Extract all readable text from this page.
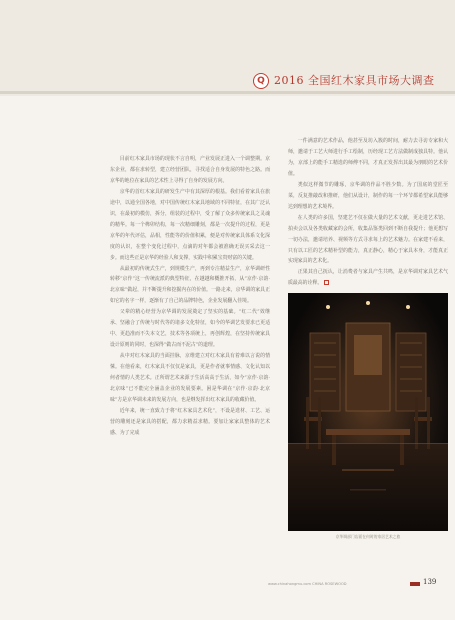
Q 2016 全国红木家具市场大调查

目前红木家具市场的现状不言自明，产业发展正进入一个调整期。京东企业，都在求转型，建立经营团队，寻找适合自身发展的特色之路。而京华的地位在家具的艺术性上寻得了自身的发展方向。

京华的首红木家具的研发生产中有其深厚的根基。我们看着家具在旅途中，以通全国各地，对中国传统红木家具地域的不同特征，在其广泛认识，在最初的模仿，拆分，组装的过程中，受了解了众多传统家具之灵魂的精华。每一个榫卯结构，每一次精细雕刻，都是一次提升的过程，更是京华的年代评估，品相，性能等的价值积累，便是对传统家具体系文化深度的认识，在整个变化过程中，点滴的对年都会被准确无误买采去这一步。而这些正是京华的经验人和支撑，实践中积累宝贵财富的关键。

从最初的传统式生产，到规模生产，再到专注精益生产，京华调研性转移“京作”这一传统流派的典型特征，在越越和概推开拓，从“京作·京韵·北京味”做起，并不断提升和挖掘内在的价值。一路走来，京华调的家具正如它的名字一样，逐渐有了自己的品牌特色，企业发展翻入佳境。

父辈的精心经营为京华调的发展奠定了坚实的基础。“红二代”效继承、坚融合了传统与时代等的诸多文化特征，如今的华调艺发要求已更适中、更趋准而不失本文艺，技术等各项统上，再创辉煌，在坚持传统家具设计原则的同时，也深得“做古而不泥古”的道理。

从中对红木家具的当面挂脉，京维建立对红木家具有着难以言说的情愫。在他看来，红木家具不仅仅是家具，更是作者就事情感、文化认知以何者情的人类艺术。正所谓艺术来源于生活高高于生活，如今“京作·京韵·北京味”已不能完全涵盖企业的发展要素。困是华调在“京作·京韵·北京味”方是京华调未来的发展方向，也是继发挥出红木家具的收藏价值。

近年来，统一直致力于将“红木家具艺术化”，不设是选材、工艺、运营的雕刻还是家具的搭配，都力求精益求精。要加让家家具整体的艺术感、为了完成

一件满意的艺术作品，他甚至及坊入簇的时间，耐力去寻访专家和大师，邀请于工艺大师进行手工绘制，历经现工艺方法做制成独具特。他认为，京部上的能手工精选的师傅不同，才真正发挥出其最为朋眼的艺术价值。

类似这样微节的雕琢，京华调的作品不胜少数。为了国底的堂匠至菜，反复推敲改和推研，他们从设计，制作的每一个环节都希望家具能够达到理想的艺术境界。

在人类的许多国，坚建艺不仅在做大量的艺术文献，更走进艺术馆、拍卖会以及各类收藏家的会所，收集品鉴类回到不断自我提升；他更想写一切办法，邀请培养、视频等方式寻求每上的艺术魅力。在家建不看来，只有以工匠的艺术精补型的能力，真正静心，精心于家具本身，才能真正实现家具的艺术化。

正果其自己抚认，让消费者与家具产生共鸣，是京华调对家具艺术气质最高的诠释。

京华调部门店面在何时的家居艺术之旅
www.chinahongmu.com CHINA ROSEWOOD	139
